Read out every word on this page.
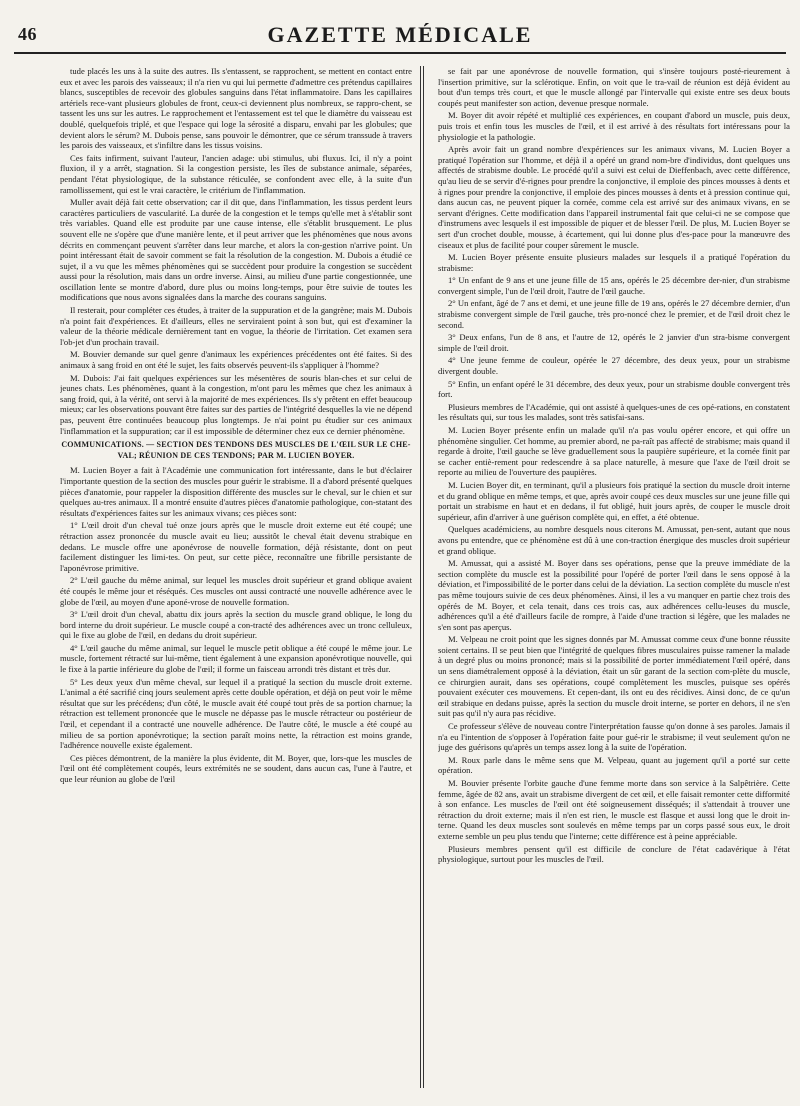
46	GAZETTE MÉDICALE

tude placés les uns à la suite des autres. Ils s'entassent, se rapprochent, se mettent en contact entre eux et avec les parois des vaisseaux; il n'a rien vu qui lui permette d'admettre ces prétendus capillaires blancs, susceptibles de recevoir des globules sanguins dans l'état inflammatoire. Dans les capillaires artériels rece-vant plusieurs globules de front, ceux-ci deviennent plus nombreux, se rappro-chent, se tassent les uns sur les autres. Le rapprochement et l'entassement est tel que le diamètre du vaisseau est doublé, quelquefois triplé, et que l'espace qui loge la sérosité a disparu, envahi par les globules; que devient alors le sérum? M. Dubois pense, sans pouvoir le démontrer, que ce sérum transsude à travers les parois des vaisseaux, et s'infiltre dans les tissus voisins.

Ces faits infirment, suivant l'auteur, l'ancien adage: ubi stimulus, ubi fluxus. Ici, il n'y a point fluxion, il y a arrêt, stagnation. Si la congestion persiste, les îles de substance animale, séparées, pendant l'état physiologique, de la substance réticulée, se confondent avec elle, à la suite d'un ramollissement, qui est le vrai caractère, le critérium de l'inflammation.

Muller avait déjà fait cette observation; car il dit que, dans l'inflammation, les tissus perdent leurs caractères particuliers de vascularité. La durée de la congestion et le temps qu'elle met à s'établir sont très variables. Quand elle est produite par une cause intense, elle s'établit brusquement. Le plus souvent elle ne s'opère que d'une manière lente, et il peut arriver que les phénomènes que nous avons décrits en commençant peuvent s'arrêter dans leur marche, et alors la con-gestion n'arrive point. Un point intéressant était de savoir comment se fait la résolution de la congestion. M. Dubois a étudié ce sujet, il a vu que les mêmes phénomènes qui se succèdent pour produire la congestion se succèdent aussi pour la résolution, mais dans un ordre inverse. Ainsi, au milieu d'une partie congestionnée, une oscillation lente se montre d'abord, dure plus ou moins long-temps, pour être suivie de toutes les modifications que nous avons signalées dans la marche des courans sanguins.

Il resterait, pour compléter ces études, à traiter de la suppuration et de la gangrène; mais M. Dubois n'a point fait d'expériences. Et d'ailleurs, elles ne serviraient point à son but, qui est d'examiner la valeur de la théorie médicale dernièrement tant en vogue, la théorie de l'irritation. Cet examen sera l'ob-jet d'un prochain travail.

M. Bouvier demande sur quel genre d'animaux les expériences précédentes ont été faites. Si des animaux à sang froid en ont été le sujet, les faits observés peuvent-ils s'appliquer à l'homme?

M. Dubois: J'ai fait quelques expériences sur les mésentères de souris blan-ches et sur celui de jeunes chats. Les phénomènes, quant à la congestion, m'ont paru les mêmes que chez les animaux à sang froid, qui, à la vérité, ont servi à la majorité de mes expériences. Ils s'y prêtent en effet beaucoup mieux; car les observations pouvant être faites sur des parties de l'intégrité desquelles la vie ne dépend pas, peuvent être continuées beaucoup plus longtemps. Je n'ai point pu étudier sur ces animaux l'inflammation et la suppuration; car il est impossible de déterminer chez eux ce dernier phénomène.

COMMUNICATIONS. — SECTION DES TENDONS DES MUSCLES DE L'ŒIL SUR LE CHE-VAL; RÉUNION DE CES TENDONS; PAR M. LUCIEN BOYER.

M. Lucien Boyer a fait à l'Académie une communication fort intéressante, dans le but d'éclairer l'importante question de la section des muscles pour guérir le strabisme. Il a d'abord présenté quelques pièces d'anatomie, pour rappeler la disposition différente des muscles sur le cheval, sur le chien et sur quelques au-tres animaux. Il a montré ensuite d'autres pièces d'anatomie pathologique, con-statant des résultats d'expériences faites sur les animaux vivans; ces pièces sont:

1° L'œil droit d'un cheval tué onze jours après que le muscle droit externe eut été coupé; une rétraction assez prononcée du muscle avait eu lieu; aussitôt le cheval était devenu strabique en dedans. Le muscle offre une aponévrose de nouvelle formation, déjà résistante, dont on peut facilement distinguer les limi-tes. On peut, sur cette pièce, reconnaître une fibrille persistante de l'aponévrose primitive.

2° L'œil gauche du même animal, sur lequel les muscles droit supérieur et grand oblique avaient été coupés le même jour et réséqués. Ces muscles ont aussi contracté une nouvelle adhérence avec le globe de l'œil, au moyen d'une aponé-vrose de nouvelle formation.

3° L'œil droit d'un cheval, abattu dix jours après la section du muscle grand oblique, le long du bord interne du droit supérieur. Le muscle coupé a con-tracté des adhérences avec un tronc celluleux, qui le fixe au globe de l'œil, en dedans du droit supérieur.

4° L'œil gauche du même animal, sur lequel le muscle petit oblique a été coupé le même jour. Le muscle, fortement rétracté sur lui-même, tient également à une expansion aponévrotique nouvelle, qui le fixe à la partie inférieure du globe de l'œil; il forme un faisceau arrondi très distant et très dur.

5° Les deux yeux d'un même cheval, sur lequel il a pratiqué la section du muscle droit externe. L'animal a été sacrifié cinq jours seulement après cette double opération, et déjà on peut voir le même résultat que sur les précédens; d'un côté, le muscle avait été coupé tout près de sa portion charnue; la rétraction est tellement prononcée que le muscle ne dépasse pas le muscle rétracteur ou postérieur de l'œil, et cependant il a contracté une nouvelle adhérence. De l'autre côté, le muscle a été coupé au milieu de sa portion aponévrotique; la section paraît moins nette, la rétraction est moins grande, l'adhérence nouvelle existe également.

Ces pièces démontrent, de la manière la plus évidente, dit M. Boyer, que, lors-que les muscles de l'œil ont été complètement coupés, leurs extrémités ne se soudent, dans aucun cas, l'une à l'autre, et que leur réunion au globe de l'œil

se fait par une aponévrose de nouvelle formation, qui s'insère toujours posté-rieurement à l'insertion primitive, sur la sclérotique. Enfin, on voit que le tra-vail de réunion est déjà évident au bout d'un temps très court, et que le muscle allongé par l'intervalle qui existe entre ses deux bouts coupés peut manifester son action, devenue presque normale.

M. Boyer dit avoir répété et multiplié ces expériences, en coupant d'abord un muscle, puis deux, puis trois et enfin tous les muscles de l'œil, et il est arrivé à des résultats fort intéressans pour la physiologie et la pathologie.

Après avoir fait un grand nombre d'expériences sur les animaux vivans, M. Lucien Boyer a pratiqué l'opération sur l'homme, et déjà il a opéré un grand nom-bre d'individus, dont quelques uns affectés de strabisme double. Le procédé qu'il a suivi est celui de Dieffenbach, avec cette différence, qu'au lieu de se servir d'é-rignes pour prendre la conjonctive, il emploie des pinces mousses à dents et à rignes pour prendre la conjonctive, il emploie des pinces mousses à dents et à pression continue qui, dans aucun cas, ne peuvent piquer la cornée, comme cela est arrivé sur des animaux vivans, en se servant d'érignes. Cette modification dans l'appareil instrumental fait que celui-ci ne se compose que d'instrumens avec lesquels il est impossible de piquer et de blesser l'œil. De plus, M. Lucien Boyer se sert d'un crochet double, mousse, à écartement, qui lui donne plus d'es-pace pour la manœuvre des ciseaux et plus de facilité pour couper sûrement le muscle.

M. Lucien Boyer présente ensuite plusieurs malades sur lesquels il a pratiqué l'opération du strabisme:

1° Un enfant de 9 ans et une jeune fille de 15 ans, opérés le 25 décembre der-nier, d'un strabisme convergent simple, l'un de l'œil droit, l'autre de l'œil gauche.

2° Un enfant, âgé de 7 ans et demi, et une jeune fille de 19 ans, opérés le 27 décembre dernier, d'un strabisme convergent simple de l'œil gauche, très pro-noncé chez le premier, et de l'œil droit chez le second.

3° Deux enfans, l'un de 8 ans, et l'autre de 12, opérés le 2 janvier d'un stra-bisme convergent simple de l'œil droit.

4° Une jeune femme de couleur, opérée le 27 décembre, des deux yeux, pour un strabisme divergent double.

5° Enfin, un enfant opéré le 31 décembre, des deux yeux, pour un strabisme double convergent très fort.

Plusieurs membres de l'Académie, qui ont assisté à quelques-unes de ces opé-rations, en constatent les résultats qui, sur tous les malades, sont très satisfai-sans.

M. Lucien Boyer présente enfin un malade qu'il n'a pas voulu opérer encore, et qui offre un phénomène singulier. Cet homme, au premier abord, ne pa-raît pas affecté de strabisme; mais quand il regarde à droite, l'œil gauche se lève graduellement sous la paupière supérieure, et la cornée finit par se cacher entiè-rement pour redescendre à sa place naturelle, à mesure que l'axe de l'œil droit se reporte au milieu de l'ouverture des paupières.

M. Lucien Boyer dit, en terminant, qu'il a plusieurs fois pratiqué la section du muscle droit interne et du grand oblique en même temps, et que, après avoir coupé ces deux muscles sur une jeune fille qui portait un strabisme en haut et en dedans, il fut obligé, huit jours après, de couper le muscle droit supérieur, afin d'arriver à une guérison complète qui, en effet, a été obtenue.

Quelques académiciens, au nombre desquels nous citerons M. Amussat, pen-sent, autant que nous avons pu entendre, que ce phénomène est dû à une con-traction énergique des muscles droit supérieur et grand oblique.

M. Amussat, qui a assisté M. Boyer dans ses opérations, pense que la preuve immédiate de la section complète du muscle est la possibilité pour l'opéré de porter l'œil dans le sens opposé à la déviation, et l'impossibilité de le porter dans celui de la déviation. La section complète du muscle n'est pas même toujours suivie de ces deux phénomènes. Ainsi, il les a vu manquer en partie chez trois des opérés de M. Boyer, et cela tenait, dans ces trois cas, aux adhérences cellu-leuses du muscle, adhérences qu'il a été d'ailleurs facile de rompre, à l'aide d'une traction si légère, que les malades ne s'en sont pas aperçus.

M. Velpeau ne croit point que les signes donnés par M. Amussat comme ceux d'une bonne réussite soient certains. Il se peut bien que l'intégrité de quelques fibres musculaires puisse ramener la malade à un degré plus ou moins prononcé; mais si la possibilité de porter immédiatement l'œil opéré, dans un sens diamétralement opposé à la déviation, était un sûr garant de la section com-plète du muscle, ce chirurgien aurait, dans ses opérations, coupé complètement les muscles, puisque ses opérés pouvaient exécuter ces mouvemens. Et cepen-dant, ils ont eu des récidives. Ainsi donc, de ce qu'un œil strabique en dedans puisse, après la section du muscle droit interne, se porter en dehors, il ne s'en suit pas qu'il n'y aura pas récidive.

Ce professeur s'élève de nouveau contre l'interprétation fausse qu'on donne à ses paroles. Jamais il n'a eu l'intention de s'opposer à l'opération faite pour gué-rir le strabisme; il veut seulement qu'on ne juge des guérisons qu'après un temps assez long à la suite de l'opération.

M. Roux parle dans le même sens que M. Velpeau, quant au jugement qu'il a porté sur cette opération.

M. Bouvier présente l'orbite gauche d'une femme morte dans son service à la Salpêtrière. Cette femme, âgée de 82 ans, avait un strabisme divergent de cet œil, et elle faisait remonter cette difformité à son enfance. Les muscles de l'œil ont été soigneusement disséqués; il s'attendait à trouver une rétraction du droit externe; mais il n'en est rien, le muscle est flasque et aussi long que le droit in-terne. Quand les deux muscles sont soulevés en même temps par un corps passé sous eux, le droit externe semble un peu plus tendu que l'interne; cette différence est à peine appréciable.

Plusieurs membres pensent qu'il est difficile de conclure de l'état cadavérique à l'état physiologique, surtout pour les muscles de l'œil.
